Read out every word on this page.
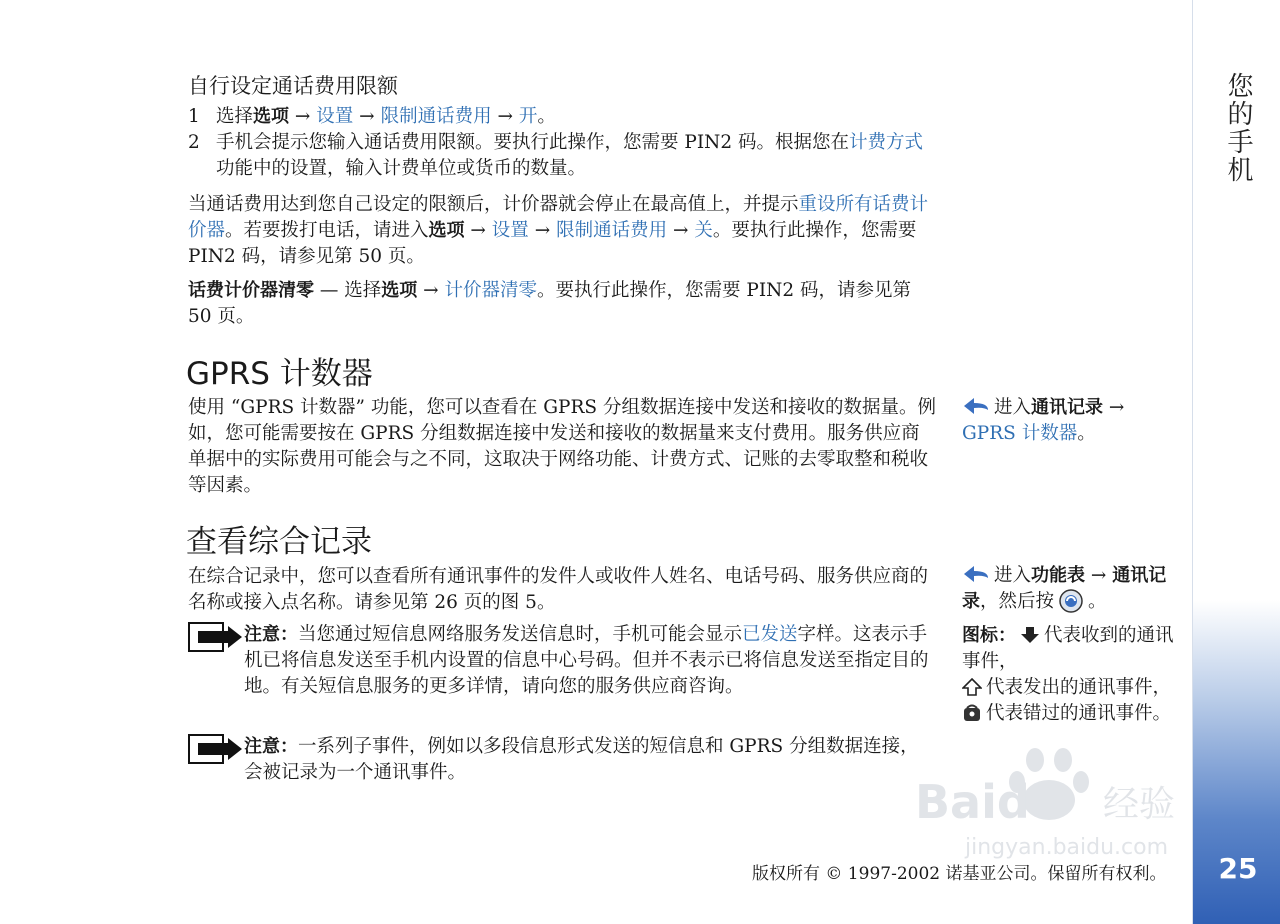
您的手机
25
自行设定通话费用限额
1 选择选项 → 设置 → 限制通话费用 → 开。
2 手机会提示您输入通话费用限额。要执行此操作，您需要 PIN2 码。根据您在计费方式功能中的设置，输入计费单位或货币的数量。
当通话费用达到您自己设定的限额后，计价器就会停止在最高值上，并提示重设所有话费计价器。若要拨打电话，请进入选项 → 设置 → 限制通话费用 → 关。要执行此操作，您需要 PIN2 码，请参见第 50 页。
话费计价器清零 — 选择选项 → 计价器清零。要执行此操作，您需要 PIN2 码，请参见第 50 页。
GPRS 计数器
使用 “GPRS 计数器” 功能，您可以查看在 GPRS 分组数据连接中发送和接收的数据量。例如，您可能需要按在 GPRS 分组数据连接中发送和接收的数据量来支付费用。服务供应商单据中的实际费用可能会与之不同，这取决于网络功能、计费方式、记账的去零取整和税收等因素。
进入通讯记录 → GPRS 计数器。
查看综合记录
在综合记录中，您可以查看所有通讯事件的发件人或收件人姓名、电话号码、服务供应商的名称或接入点名称。请参见第 26 页的图 5。
注意：当您通过短信息网络服务发送信息时，手机可能会显示已发送字样。这表示手机已将信息发送至手机内设置的信息中心号码。但并不表示已将信息发送至指定目的地。有关短信息服务的更多详情，请向您的服务供应商咨询。
注意：一系列子事件，例如以多段信息形式发送的短信息和 GPRS 分组数据连接，会被记录为一个通讯事件。
进入功能表 → 通讯记录，然后按 。
图标： 代表收到的通讯事件，
代表发出的通讯事件，
代表错过的通讯事件。
版权所有 © 1997-2002 诺基亚公司。保留所有权利。
Baidu 经验
jingyan.baidu.com
